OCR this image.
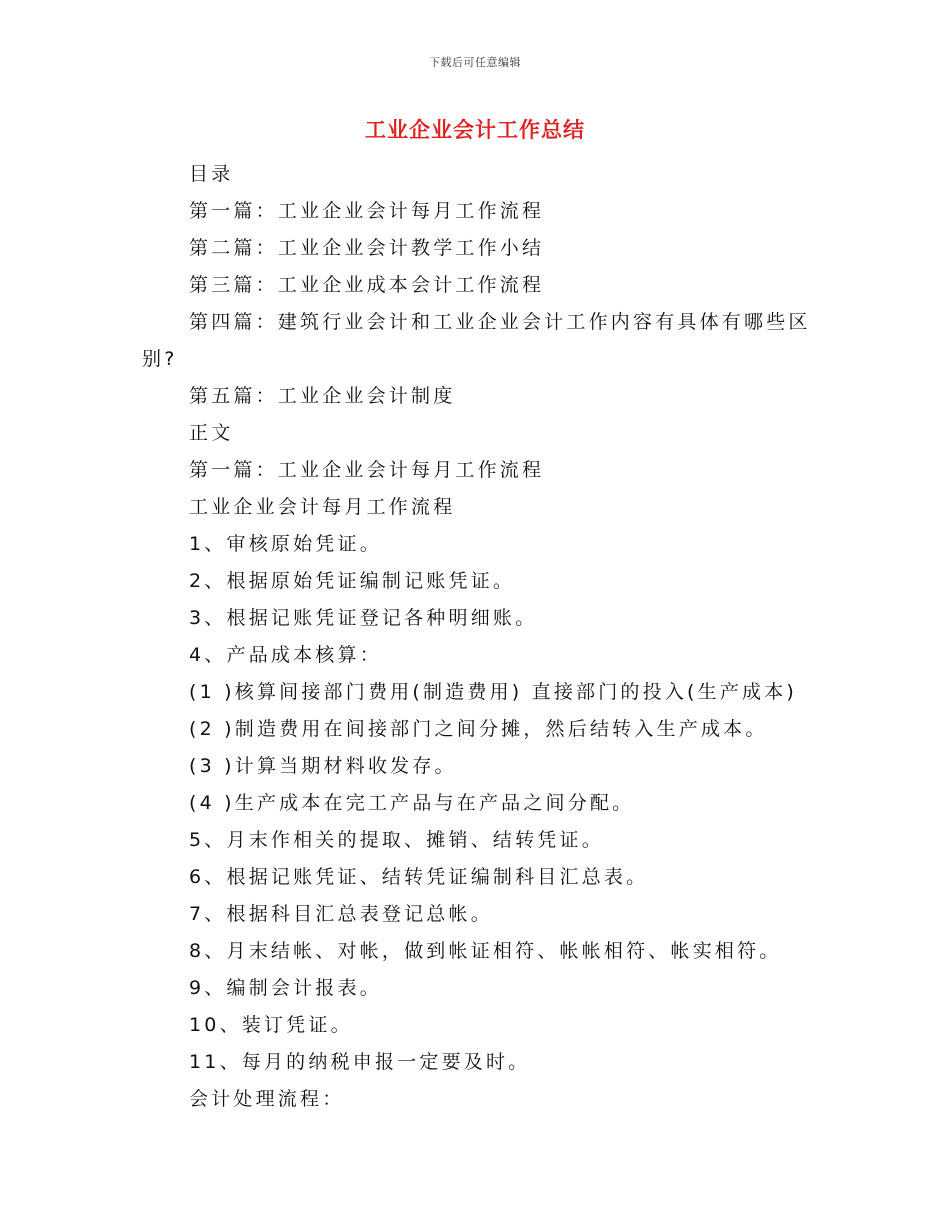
下载后可任意编辑
工业企业会计工作总结
目录
第一篇：工业企业会计每月工作流程
第二篇：工业企业会计教学工作小结
第三篇：工业企业成本会计工作流程
第四篇：建筑行业会计和工业企业会计工作内容有具体有哪些区
别?
第五篇：工业企业会计制度
正文
第一篇：工业企业会计每月工作流程
工业企业会计每月工作流程
1、审核原始凭证。
2、根据原始凭证编制记账凭证。
3、根据记账凭证登记各种明细账。
4、产品成本核算：
(1 )核算间接部门费用(制造费用) 直接部门的投入(生产成本)
(2 )制造费用在间接部门之间分摊，然后结转入生产成本。
(3 )计算当期材料收发存。
(4 )生产成本在完工产品与在产品之间分配。
5、月末作相关的提取、摊销、结转凭证。
6、根据记账凭证、结转凭证编制科目汇总表。
7、根据科目汇总表登记总帐。
8、月末结帐、对帐，做到帐证相符、帐帐相符、帐实相符。
9、编制会计报表。
10、装订凭证。
11、每月的纳税申报一定要及时。
会计处理流程：
